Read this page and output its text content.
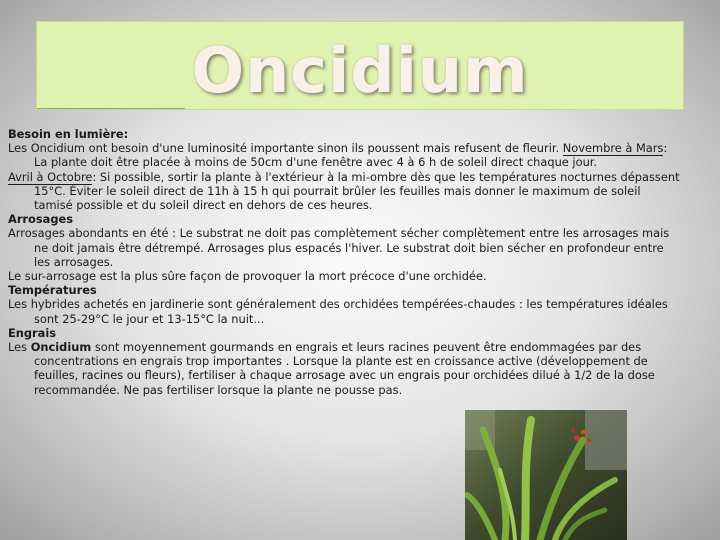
Oncidium

Besoin en lumière:

Les Oncidium ont besoin d'une luminosité importante sinon ils poussent mais refusent de fleurir. Novembre à Mars: La plante doit être placée à moins de 50cm d'une fenêtre avec 4 à 6 h de soleil direct chaque jour.

Avril à Octobre: Si possible, sortir la plante à l'extérieur à la mi-ombre dès que les températures nocturnes dépassent 15°C. Éviter le soleil direct de 11h à 15 h qui pourrait brûler les feuilles mais donner le maximum de soleil tamisé possible et du soleil direct en dehors de ces heures.

Arrosages

Arrosages abondants en été : Le substrat ne doit pas complètement sécher complètement entre les arrosages mais ne doit jamais être détrempé. Arrosages plus espacés l'hiver. Le substrat doit bien sécher en profondeur entre les arrosages.

Le sur-arrosage est la plus sûre façon de provoquer la mort précoce d'une orchidée.

Températures

Les hybrides achetés en jardinerie sont généralement des orchidées tempérées-chaudes : les températures idéales sont 25-29°C le jour et 13-15°C la nuit...

Engrais

Les Oncidium sont moyennement gourmands en engrais et leurs racines peuvent être endommagées par des concentrations en engrais trop importantes . Lorsque la plante est en croissance active (développement de feuilles, racines ou fleurs), fertiliser à chaque arrosage avec un engrais pour orchidées dilué à 1/2 de la dose recommandée. Ne pas fertiliser lorsque la plante ne pousse pas.
